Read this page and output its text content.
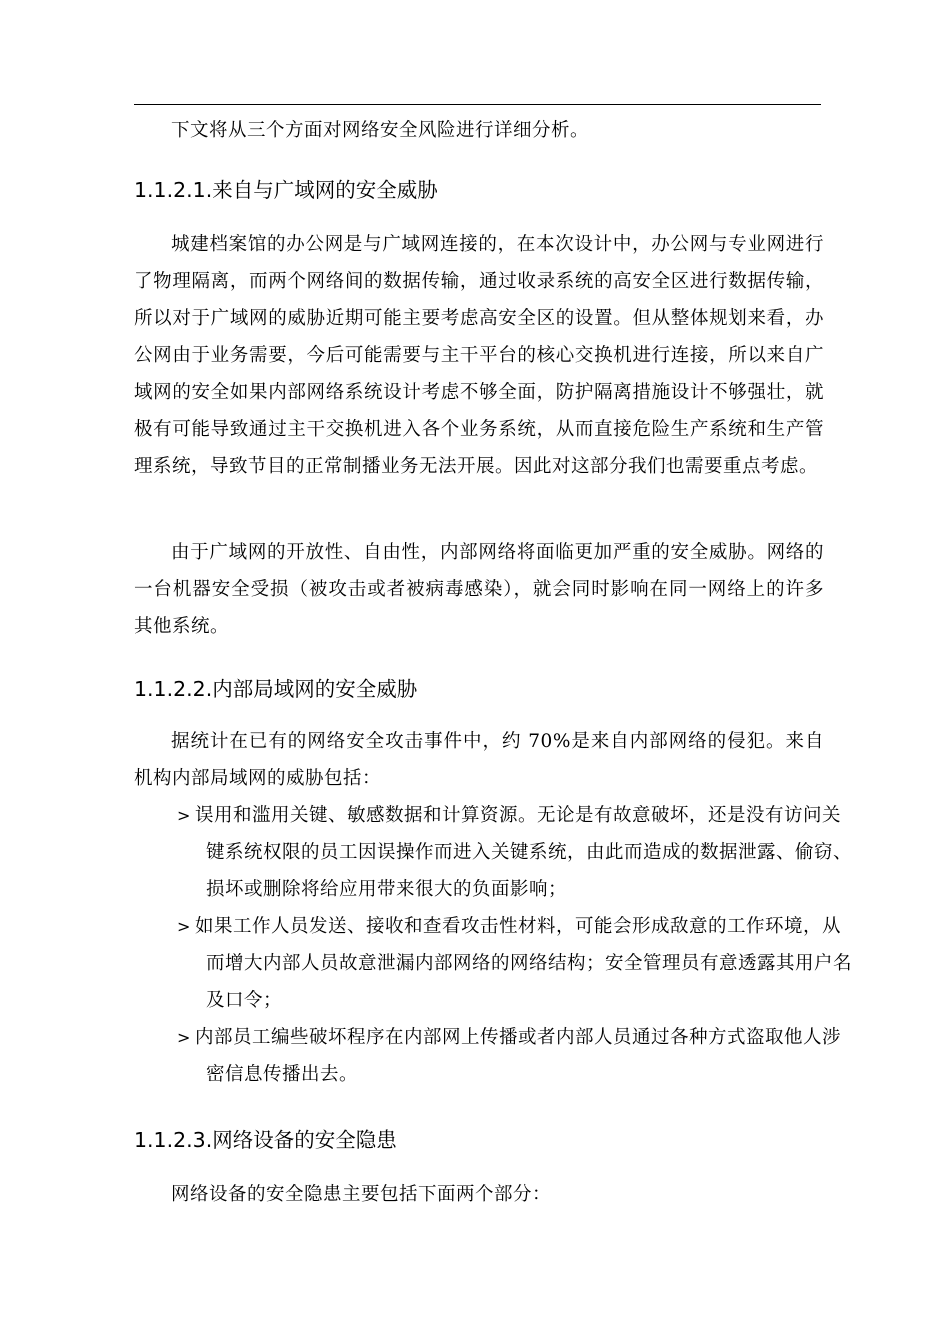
下文将从三个方面对网络安全风险进行详细分析。

1.1.2.1.来自与广域网的安全威胁

城建档案馆的办公网是与广域网连接的，在本次设计中，办公网与专业网进行了物理隔离，而两个网络间的数据传输，通过收录系统的高安全区进行数据传输，所以对于广域网的威胁近期可能主要考虑高安全区的设置。但从整体规划来看，办公网由于业务需要，今后可能需要与主干平台的核心交换机进行连接，所以来自广域网的安全如果内部网络系统设计考虑不够全面，防护隔离措施设计不够强壮，就极有可能导致通过主干交换机进入各个业务系统，从而直接危险生产系统和生产管理系统，导致节目的正常制播业务无法开展。因此对这部分我们也需要重点考虑。

由于广域网的开放性、自由性，内部网络将面临更加严重的安全威胁。网络的一台机器安全受损（被攻击或者被病毒感染），就会同时影响在同一网络上的许多其他系统。

1.1.2.2.内部局域网的安全威胁

据统计在已有的网络安全攻击事件中，约 70%是来自内部网络的侵犯。来自机构内部局域网的威胁包括：

> 误用和滥用关键、敏感数据和计算资源。无论是有故意破坏，还是没有访问关键系统权限的员工因误操作而进入关键系统，由此而造成的数据泄露、偷窃、损坏或删除将给应用带来很大的负面影响；

> 如果工作人员发送、接收和查看攻击性材料，可能会形成敌意的工作环境，从而增大内部人员故意泄漏内部网络的网络结构；安全管理员有意透露其用户名及口令；

> 内部员工编些破坏程序在内部网上传播或者内部人员通过各种方式盗取他人涉密信息传播出去。

1.1.2.3.网络设备的安全隐患

网络设备的安全隐患主要包括下面两个部分：
